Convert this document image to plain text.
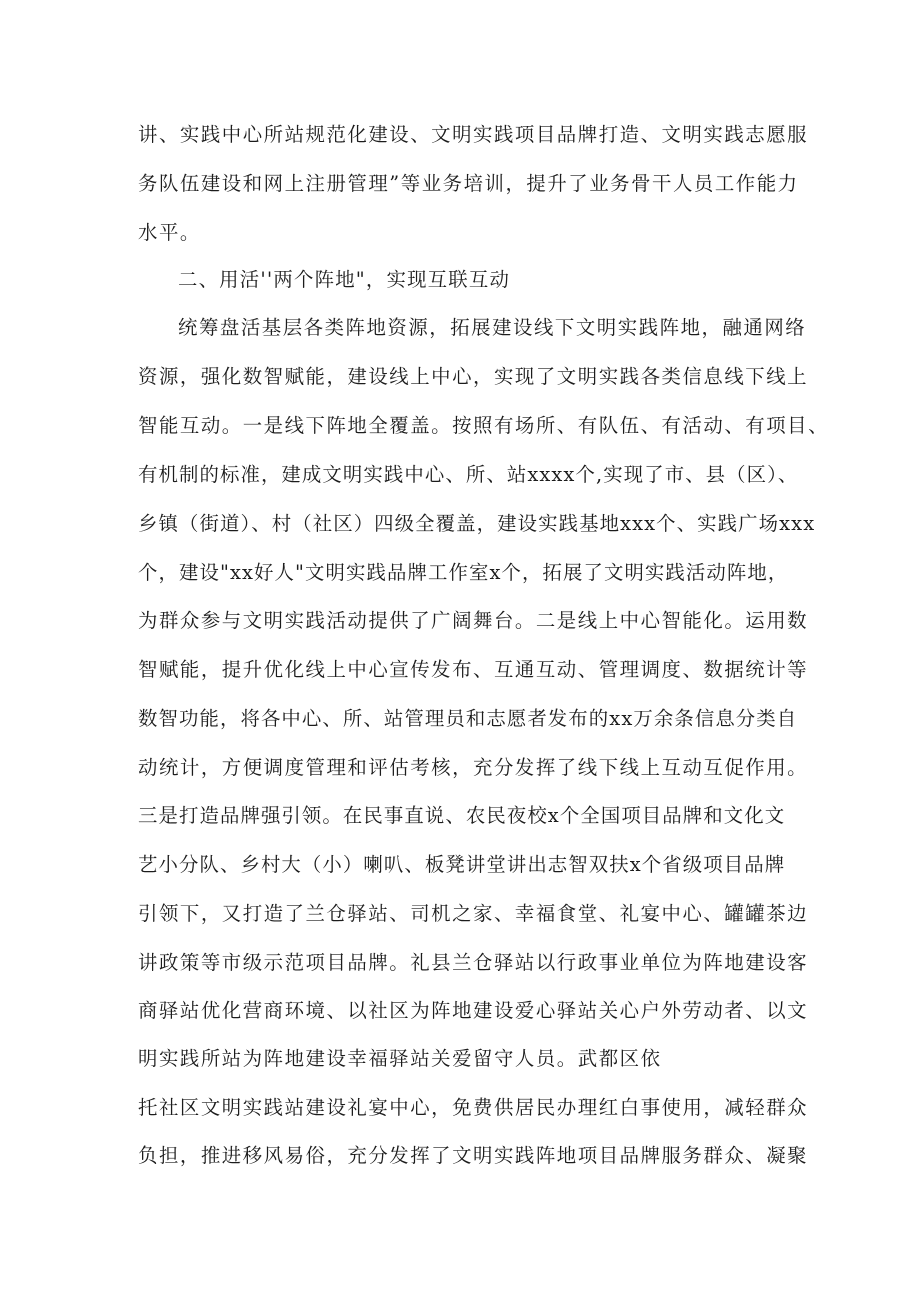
讲、实践中心所站规范化建设、文明实践项目品牌打造、文明实践志愿服
务队伍建设和网上注册管理”等业务培训，提升了业务骨干人员工作能力
水平。
二、用活''两个阵地"，实现互联互动
统筹盘活基层各类阵地资源，拓展建设线下文明实践阵地，融通网络
资源，强化数智赋能，建设线上中心，实现了文明实践各类信息线下线上
智能互动。一是线下阵地全覆盖。按照有场所、有队伍、有活动、有项目、
有机制的标准，建成文明实践中心、所、站xxxx个,实现了市、县（区）、
乡镇（街道）、村（社区）四级全覆盖，建设实践基地xxx个、实践广场xxx
个，建设"xx好人"文明实践品牌工作室x个，拓展了文明实践活动阵地，
为群众参与文明实践活动提供了广阔舞台。二是线上中心智能化。运用数
智赋能，提升优化线上中心宣传发布、互通互动、管理调度、数据统计等
数智功能，将各中心、所、站管理员和志愿者发布的xx万余条信息分类自
动统计，方便调度管理和评估考核，充分发挥了线下线上互动互促作用。
三是打造品牌强引领。在民事直说、农民夜校x个全国项目品牌和文化文
艺小分队、乡村大（小）喇叭、板凳讲堂讲出志智双扶x个省级项目品牌
引领下，又打造了兰仓驿站、司机之家、幸福食堂、礼宴中心、罐罐茶边
讲政策等市级示范项目品牌。礼县兰仓驿站以行政事业单位为阵地建设客
商驿站优化营商环境、以社区为阵地建设爱心驿站关心户外劳动者、以文
明实践所站为阵地建设幸福驿站关爱留守人员。武都区依
托社区文明实践站建设礼宴中心，免费供居民办理红白事使用，减轻群众
负担，推进移风易俗，充分发挥了文明实践阵地项目品牌服务群众、凝聚
